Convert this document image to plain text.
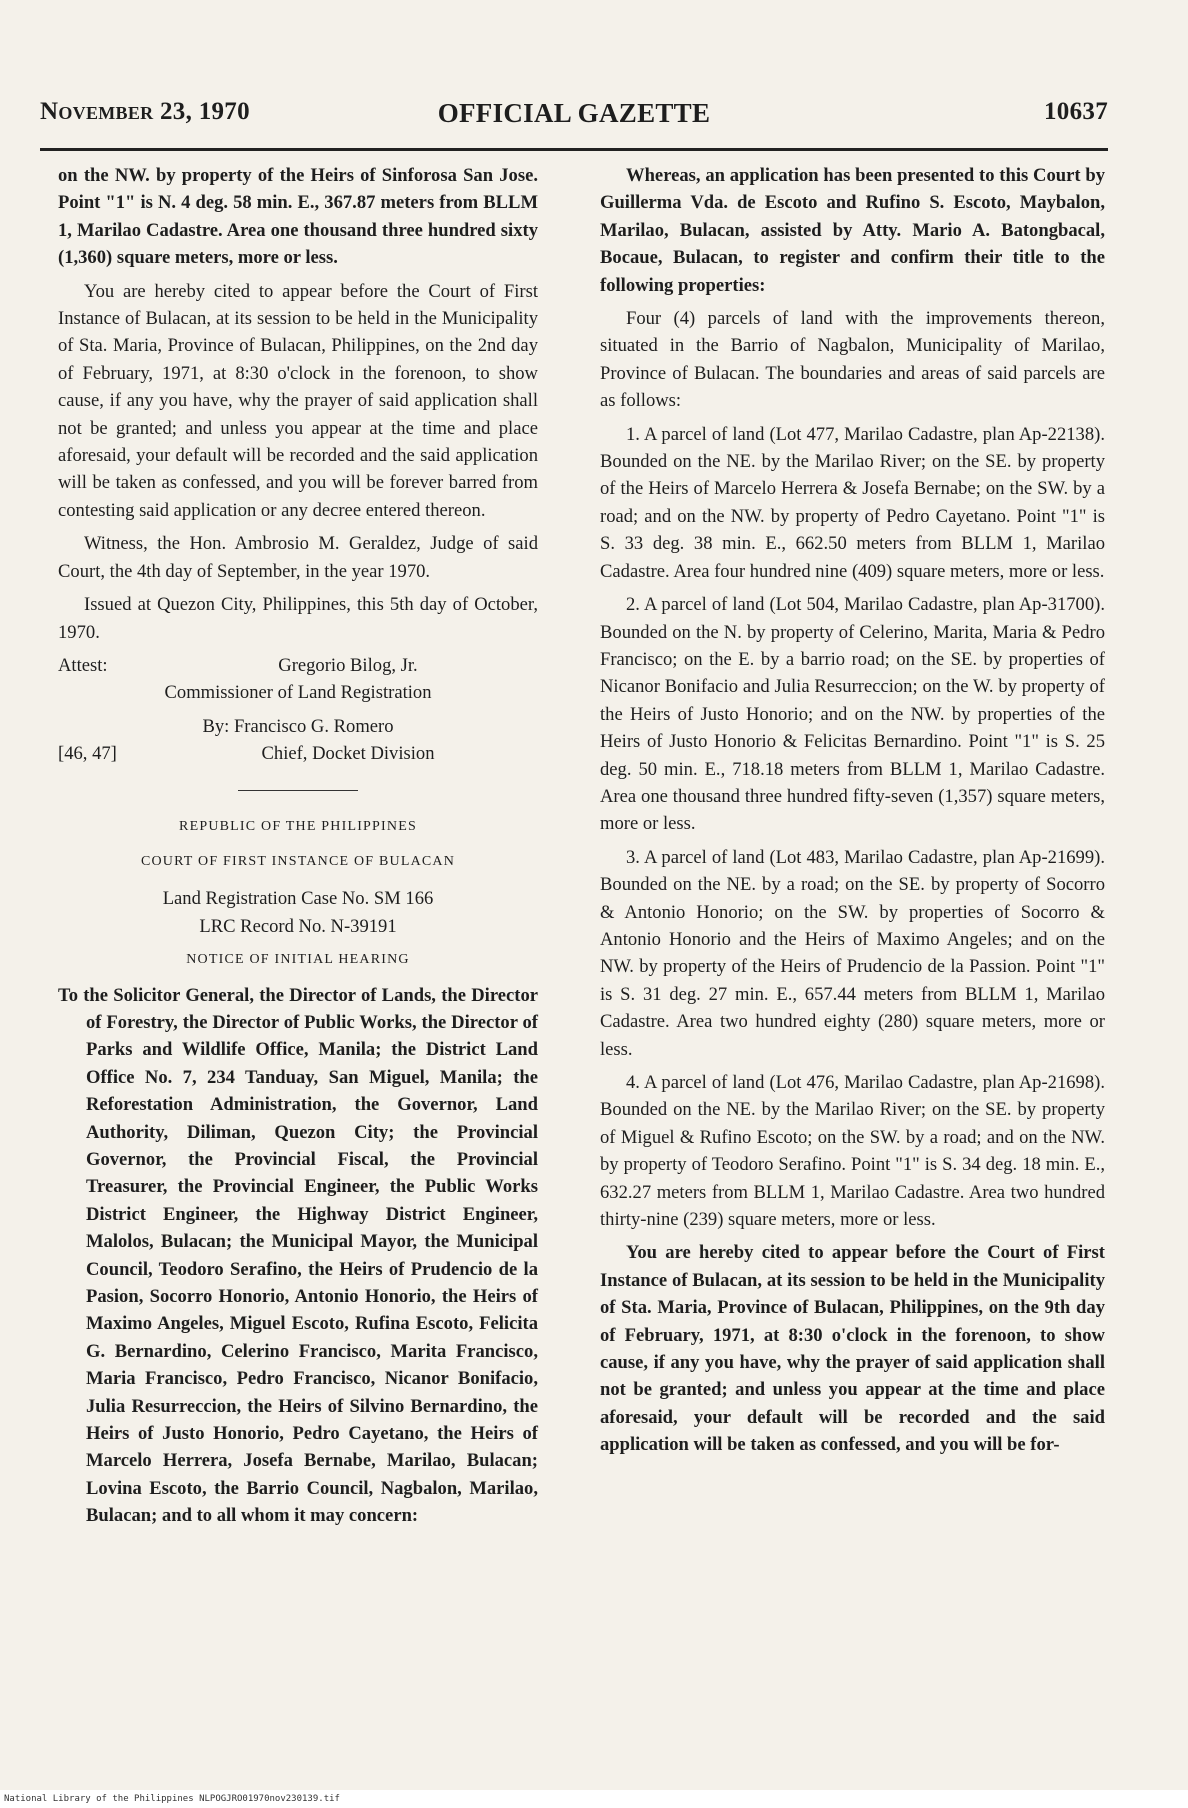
November 23, 1970	OFFICIAL GAZETTE	10637

on the NW. by property of the Heirs of Sinforosa San Jose. Point "1" is N. 4 deg. 58 min. E., 367.87 meters from BLLM 1, Marilao Cadastre. Area one thousand three hundred sixty (1,360) square meters, more or less.

You are hereby cited to appear before the Court of First Instance of Bulacan, at its session to be held in the Municipality of Sta. Maria, Province of Bulacan, Philippines, on the 2nd day of February, 1971, at 8:30 o'clock in the forenoon, to show cause, if any you have, why the prayer of said application shall not be granted; and unless you appear at the time and place aforesaid, your default will be recorded and the said application will be taken as confessed, and you will be forever barred from contesting said application or any decree entered thereon.

Witness, the Hon. Ambrosio M. Geraldez, Judge of said Court, the 4th day of September, in the year 1970.

Issued at Quezon City, Philippines, this 5th day of October, 1970.

Attest:	Gregorio Bilog, Jr.
Commissioner of Land Registration
By: Francisco G. Romero
[46, 47]	Chief, Docket Division
REPUBLIC OF THE PHILIPPINES
COURT OF FIRST INSTANCE OF BULACAN
Land Registration Case No. SM 166
LRC Record No. N-39191
NOTICE OF INITIAL HEARING

To the Solicitor General, the Director of Lands, the Director of Forestry, the Director of Public Works, the Director of Parks and Wildlife Office, Manila; the District Land Office No. 7, 234 Tanduay, San Miguel, Manila; the Reforestation Administration, the Governor, Land Authority, Diliman, Quezon City; the Provincial Governor, the Provincial Fiscal, the Provincial Treasurer, the Provincial Engineer, the Public Works District Engineer, the Highway District Engineer, Malolos, Bulacan; the Municipal Mayor, the Municipal Council, Teodoro Serafino, the Heirs of Prudencio de la Pasion, Socorro Honorio, Antonio Honorio, the Heirs of Maximo Angeles, Miguel Escoto, Rufina Escoto, Felicita G. Bernardino, Celerino Francisco, Marita Francisco, Maria Francisco, Pedro Francisco, Nicanor Bonifacio, Julia Resurreccion, the Heirs of Silvino Bernardino, the Heirs of Justo Honorio, Pedro Cayetano, the Heirs of Marcelo Herrera, Josefa Bernabe, Marilao, Bulacan; Lovina Escoto, the Barrio Council, Nagbalon, Marilao, Bulacan; and to all whom it may concern:

Whereas, an application has been presented to this Court by Guillerma Vda. de Escoto and Rufino S. Escoto, Maybalon, Marilao, Bulacan, assisted by Atty. Mario A. Batongbacal, Bocaue, Bulacan, to register and confirm their title to the following properties:

Four (4) parcels of land with the improvements thereon, situated in the Barrio of Nagbalon, Municipality of Marilao, Province of Bulacan. The boundaries and areas of said parcels are as follows:

1. A parcel of land (Lot 477, Marilao Cadastre, plan Ap-22138). Bounded on the NE. by the Marilao River; on the SE. by property of the Heirs of Marcelo Herrera & Josefa Bernabe; on the SW. by a road; and on the NW. by property of Pedro Cayetano. Point "1" is S. 33 deg. 38 min. E., 662.50 meters from BLLM 1, Marilao Cadastre. Area four hundred nine (409) square meters, more or less.

2. A parcel of land (Lot 504, Marilao Cadastre, plan Ap-31700). Bounded on the N. by property of Celerino, Marita, Maria & Pedro Francisco; on the E. by a barrio road; on the SE. by properties of Nicanor Bonifacio and Julia Resurreccion; on the W. by property of the Heirs of Justo Honorio; and on the NW. by properties of the Heirs of Justo Honorio & Felicitas Bernardino. Point "1" is S. 25 deg. 50 min. E., 718.18 meters from BLLM 1, Marilao Cadastre. Area one thousand three hundred fifty-seven (1,357) square meters, more or less.

3. A parcel of land (Lot 483, Marilao Cadastre, plan Ap-21699). Bounded on the NE. by a road; on the SE. by property of Socorro & Antonio Honorio; on the SW. by properties of Socorro & Antonio Honorio and the Heirs of Maximo Angeles; and on the NW. by property of the Heirs of Prudencio de la Passion. Point "1" is S. 31 deg. 27 min. E., 657.44 meters from BLLM 1, Marilao Cadastre. Area two hundred eighty (280) square meters, more or less.

4. A parcel of land (Lot 476, Marilao Cadastre, plan Ap-21698). Bounded on the NE. by the Marilao River; on the SE. by property of Miguel & Rufino Escoto; on the SW. by a road; and on the NW. by property of Teodoro Serafino. Point "1" is S. 34 deg. 18 min. E., 632.27 meters from BLLM 1, Marilao Cadastre. Area two hundred thirty-nine (239) square meters, more or less.

You are hereby cited to appear before the Court of First Instance of Bulacan, at its session to be held in the Municipality of Sta. Maria, Province of Bulacan, Philippines, on the 9th day of February, 1971, at 8:30 o'clock in the forenoon, to show cause, if any you have, why the prayer of said application shall not be granted; and unless you appear at the time and place aforesaid, your default will be recorded and the said application will be taken as confessed, and you will be for-

National Library of the Philippines NLPOGJRO01970nov230139.tif
